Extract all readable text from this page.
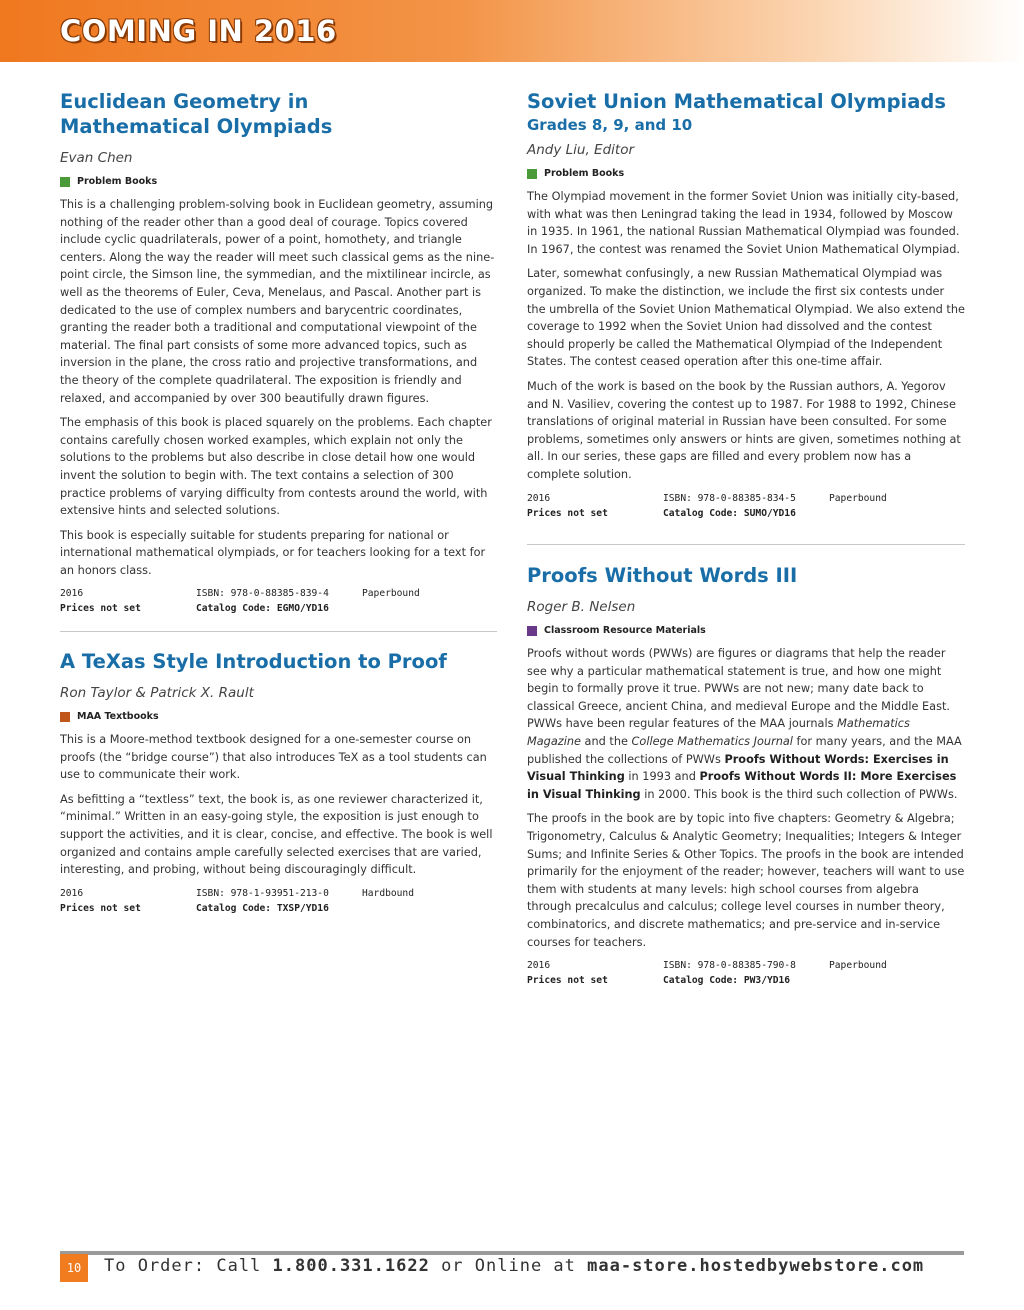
COMING IN 2016
Euclidean Geometry in
Mathematical Olympiads
Evan Chen
Problem Books

This is a challenging problem-solving book in Euclidean geometry, assuming nothing of the reader other than a good deal of courage. Topics covered include cyclic quadrilaterals, power of a point, homothety, and triangle centers. Along the way the reader will meet such classical gems as the nine-point circle, the Simson line, the symmedian, and the mixtilinear incircle, as well as the theorems of Euler, Ceva, Menelaus, and Pascal. Another part is dedicated to the use of complex numbers and barycentric coordinates, granting the reader both a traditional and computational viewpoint of the material. The final part consists of some more advanced topics, such as inversion in the plane, the cross ratio and projective transformations, and the theory of the complete quadrilateral. The exposition is friendly and relaxed, and accompanied by over 300 beautifully drawn figures.

The emphasis of this book is placed squarely on the problems. Each chapter contains carefully chosen worked examples, which explain not only the solutions to the problems but also describe in close detail how one would invent the solution to begin with. The text contains a selection of 300 practice problems of varying difficulty from contests around the world, with extensive hints and selected solutions.

This book is especially suitable for students preparing for national or international mathematical olympiads, or for teachers looking for a text for an honors class.

2016	ISBN: 978-0-88385-839-4	Paperbound
Prices not set	Catalog Code: EGMO/YD16
A TeXas Style Introduction to Proof
Ron Taylor & Patrick X. Rault
MAA Textbooks

This is a Moore-method textbook designed for a one-semester course on proofs (the “bridge course”) that also introduces TeX as a tool students can use to communicate their work.

As befitting a “textless” text, the book is, as one reviewer characterized it, “minimal.” Written in an easy-going style, the exposition is just enough to support the activities, and it is clear, concise, and effective. The book is well organized and contains ample carefully selected exercises that are varied, interesting, and probing, without being discouragingly difficult.

2016	ISBN: 978-1-93951-213-0	Hardbound
Prices not set	Catalog Code: TXSP/YD16
Soviet Union Mathematical Olympiads
Grades 8, 9, and 10
Andy Liu, Editor
Problem Books

The Olympiad movement in the former Soviet Union was initially city-based, with what was then Leningrad taking the lead in 1934, followed by Moscow in 1935. In 1961, the national Russian Mathematical Olympiad was founded. In 1967, the contest was renamed the Soviet Union Mathematical Olympiad.

Later, somewhat confusingly, a new Russian Mathematical Olympiad was organized. To make the distinction, we include the first six contests under the umbrella of the Soviet Union Mathematical Olympiad. We also extend the coverage to 1992 when the Soviet Union had dissolved and the contest should properly be called the Mathematical Olympiad of the Independent States. The contest ceased operation after this one-time affair.

Much of the work is based on the book by the Russian authors, A. Yegorov and N. Vasiliev, covering the contest up to 1987. For 1988 to 1992, Chinese translations of original material in Russian have been consulted. For some problems, sometimes only answers or hints are given, sometimes nothing at all. In our series, these gaps are filled and every problem now has a complete solution.

2016	ISBN: 978-0-88385-834-5	Paperbound
Prices not set	Catalog Code: SUMO/YD16
Proofs Without Words III
Roger B. Nelsen
Classroom Resource Materials

Proofs without words (PWWs) are figures or diagrams that help the reader see why a particular mathematical statement is true, and how one might begin to formally prove it true. PWWs are not new; many date back to classical Greece, ancient China, and medieval Europe and the Middle East. PWWs have been regular features of the MAA journals Mathematics Magazine and the College Mathematics Journal for many years, and the MAA published the collections of PWWs Proofs Without Words: Exercises in Visual Thinking in 1993 and Proofs Without Words II: More Exercises in Visual Thinking in 2000. This book is the third such collection of PWWs.

The proofs in the book are by topic into five chapters: Geometry & Algebra; Trigonometry, Calculus & Analytic Geometry; Inequalities; Integers & Integer Sums; and Infinite Series & Other Topics. The proofs in the book are intended primarily for the enjoyment of the reader; however, teachers will want to use them with students at many levels: high school courses from algebra through precalculus and calculus; college level courses in number theory, combinatorics, and discrete mathematics; and pre-service and in-service courses for teachers.

2016	ISBN: 978-0-88385-790-8	Paperbound
Prices not set	Catalog Code: PW3/YD16
10	To Order: Call 1.800.331.1622 or Online at maa-store.hostedbywebstore.com
